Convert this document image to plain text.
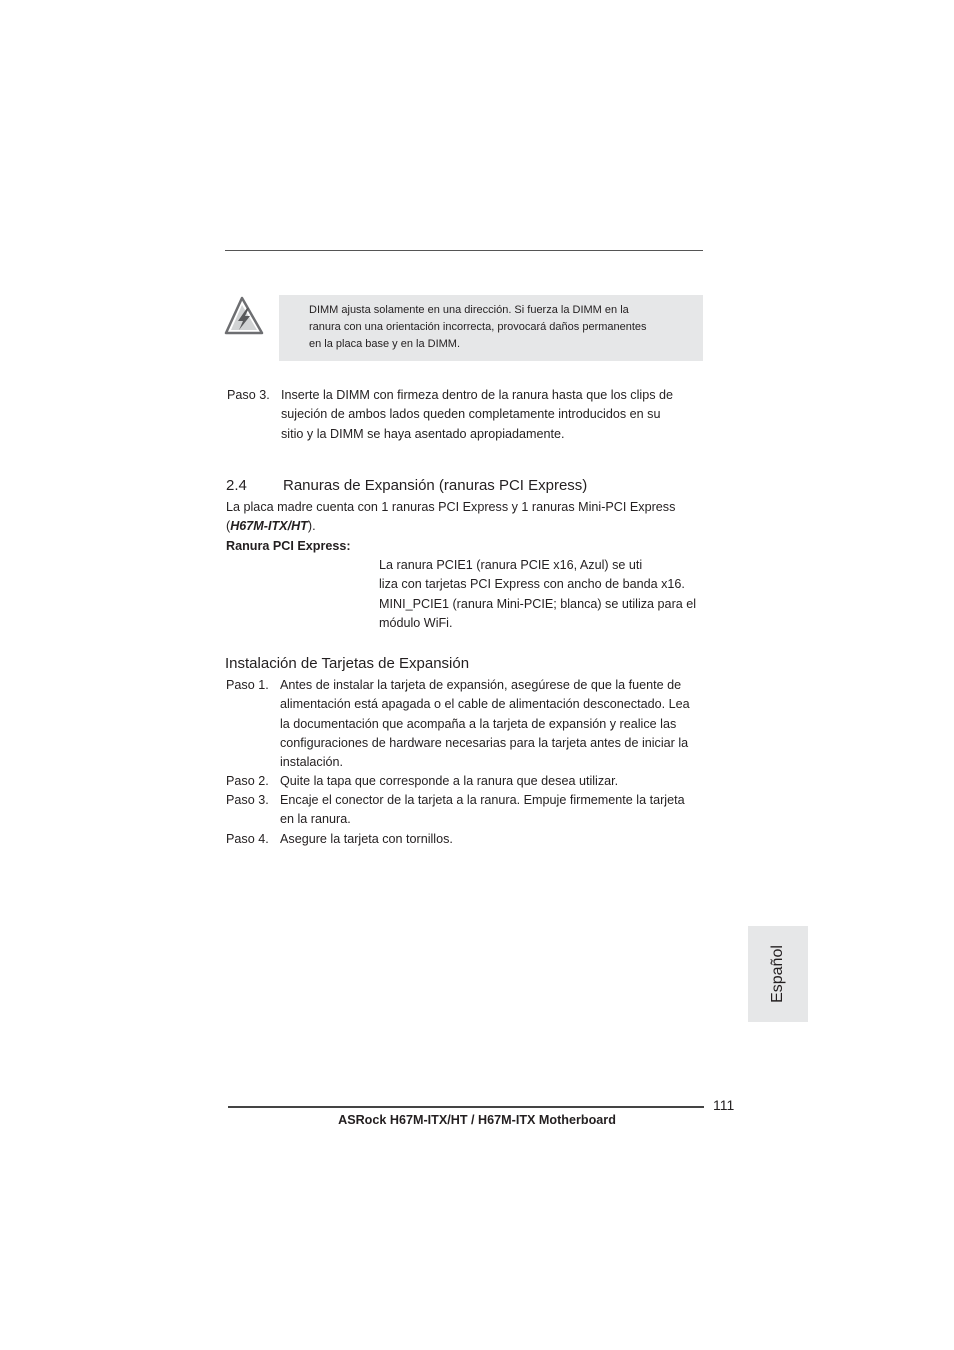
DIMM ajusta solamente en una dirección. Si fuerza la DIMM en la
ranura con una orientación incorrecta, provocará daños permanentes
en la placa base y en la DIMM.
Paso 3. Inserte la DIMM con firmeza dentro de la ranura hasta que los clips de
sujeción de ambos lados queden completamente introducidos en su
sitio y la DIMM se haya asentado apropiadamente.
2.4 Ranuras de Expansión (ranuras PCI Express)
La placa madre cuenta con 1 ranuras PCI Express y 1 ranuras Mini-PCI Express
(H67M-ITX/HT).
Ranura PCI Express:
La ranura PCIE1 (ranura PCIE x16, Azul) se uti
liza con tarjetas PCI Express con ancho de banda x16.
MINI_PCIE1 (ranura Mini-PCIE; blanca) se utiliza para el
módulo WiFi.
Instalación de Tarjetas de Expansión
Paso 1. Antes de instalar la tarjeta de expansión, asegúrese de que la fuente de
alimentación está apagada o el cable de alimentación desconectado. Lea
la documentación que acompaña a la tarjeta de expansión y realice las
configuraciones de hardware necesarias para la tarjeta antes de iniciar la
instalación.
Paso 2. Quite la tapa que corresponde a la ranura que desea utilizar.
Paso 3. Encaje el conector de la tarjeta a la ranura. Empuje firmemente la tarjeta
en la ranura.
Paso 4. Asegure la tarjeta con tornillos.
Español
111
ASRock H67M-ITX/HT / H67M-ITX Motherboard
